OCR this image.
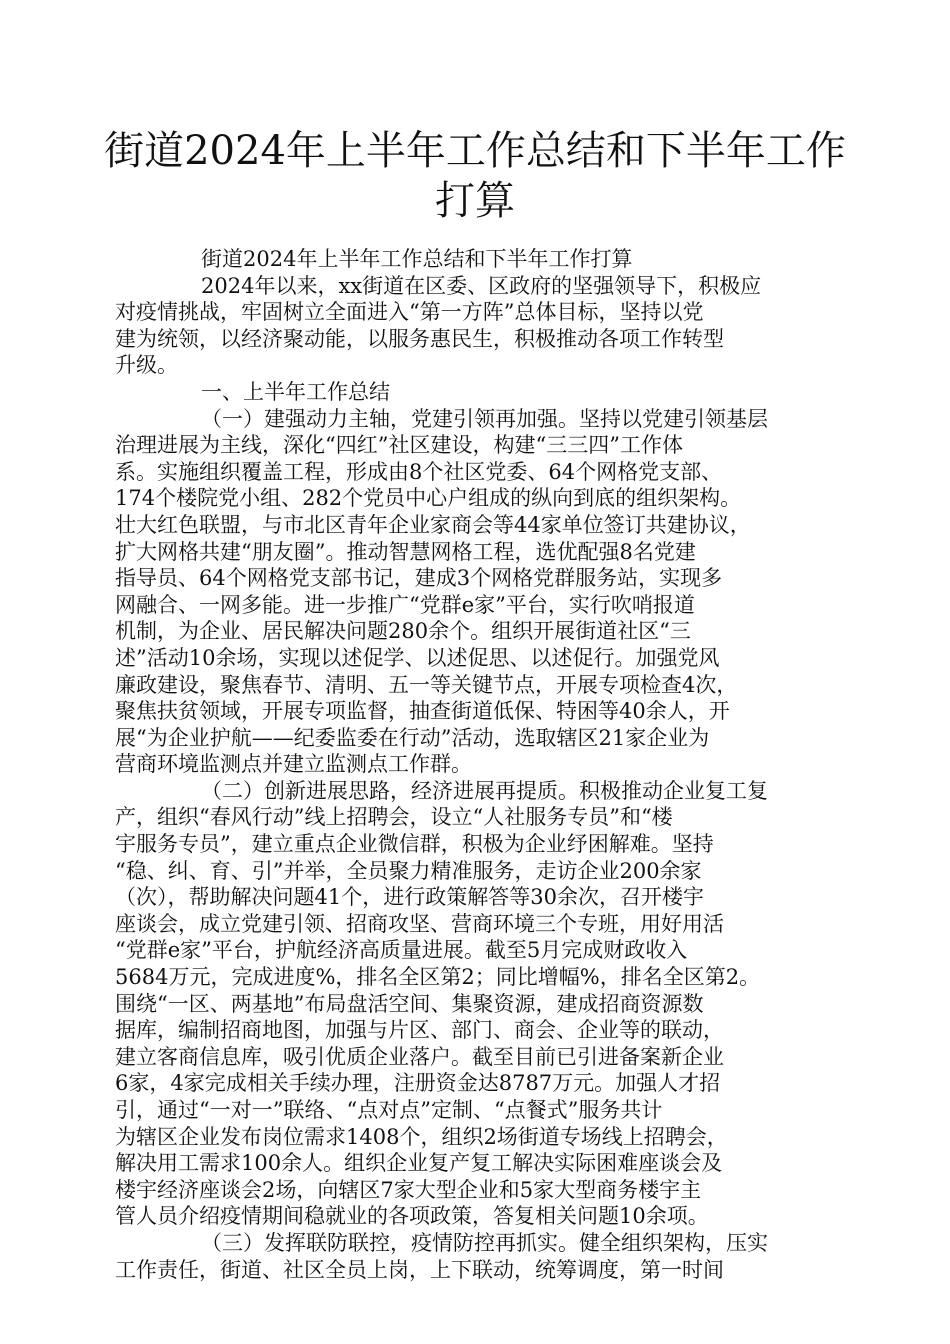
街道2024年上半年工作总结和下半年工作
打算
街道2024年上半年工作总结和下半年工作打算
2024年以来，xx街道在区委、区政府的坚强领导下，积极应
对疫情挑战，牢固树立全面进入“第一方阵”总体目标，坚持以党
建为统领，以经济聚动能，以服务惠民生，积极推动各项工作转型
升级。
一、上半年工作总结
（一）建强动力主轴，党建引领再加强。坚持以党建引领基层
治理进展为主线，深化“四红”社区建设，构建“三三四”工作体
系。实施组织覆盖工程，形成由8个社区党委、64个网格党支部、
174个楼院党小组、282个党员中心户组成的纵向到底的组织架构。
壮大红色联盟，与市北区青年企业家商会等44家单位签订共建协议，
扩大网格共建“朋友圈”。推动智慧网格工程，选优配强8名党建
指导员、64个网格党支部书记，建成3个网格党群服务站，实现多
网融合、一网多能。进一步推广“党群e家”平台，实行吹哨报道
机制，为企业、居民解决问题280余个。组织开展街道社区“三
述”活动10余场，实现以述促学、以述促思、以述促行。加强党风
廉政建设，聚焦春节、清明、五一等关键节点，开展专项检查4次，
聚焦扶贫领域，开展专项监督，抽查街道低保、特困等40余人，开
展“为企业护航——纪委监委在行动”活动，选取辖区21家企业为
营商环境监测点并建立监测点工作群。
（二）创新进展思路，经济进展再提质。积极推动企业复工复
产，组织“春风行动”线上招聘会，设立“人社服务专员”和“楼
宇服务专员”，建立重点企业微信群，积极为企业纾困解难。坚持
“稳、纠、育、引”并举，全员聚力精准服务，走访企业200余家
（次），帮助解决问题41个，进行政策解答等30余次，召开楼宇
座谈会，成立党建引领、招商攻坚、营商环境三个专班，用好用活
“党群e家”平台，护航经济高质量进展。截至5月完成财政收入
5684万元，完成进度%，排名全区第2；同比增幅%，排名全区第2。
围绕“一区、两基地”布局盘活空间、集聚资源，建成招商资源数
据库，编制招商地图，加强与片区、部门、商会、企业等的联动，
建立客商信息库，吸引优质企业落户。截至目前已引进备案新企业
6家，4家完成相关手续办理，注册资金达8787万元。加强人才招
引，通过“一对一”联络、“点对点”定制、“点餐式”服务共计
为辖区企业发布岗位需求1408个，组织2场街道专场线上招聘会，
解决用工需求100余人。组织企业复产复工解决实际困难座谈会及
楼宇经济座谈会2场，向辖区7家大型企业和5家大型商务楼宇主
管人员介绍疫情期间稳就业的各项政策，答复相关问题10余项。
（三）发挥联防联控，疫情防控再抓实。健全组织架构，压实
工作责任，街道、社区全员上岗，上下联动，统筹调度，第一时间
